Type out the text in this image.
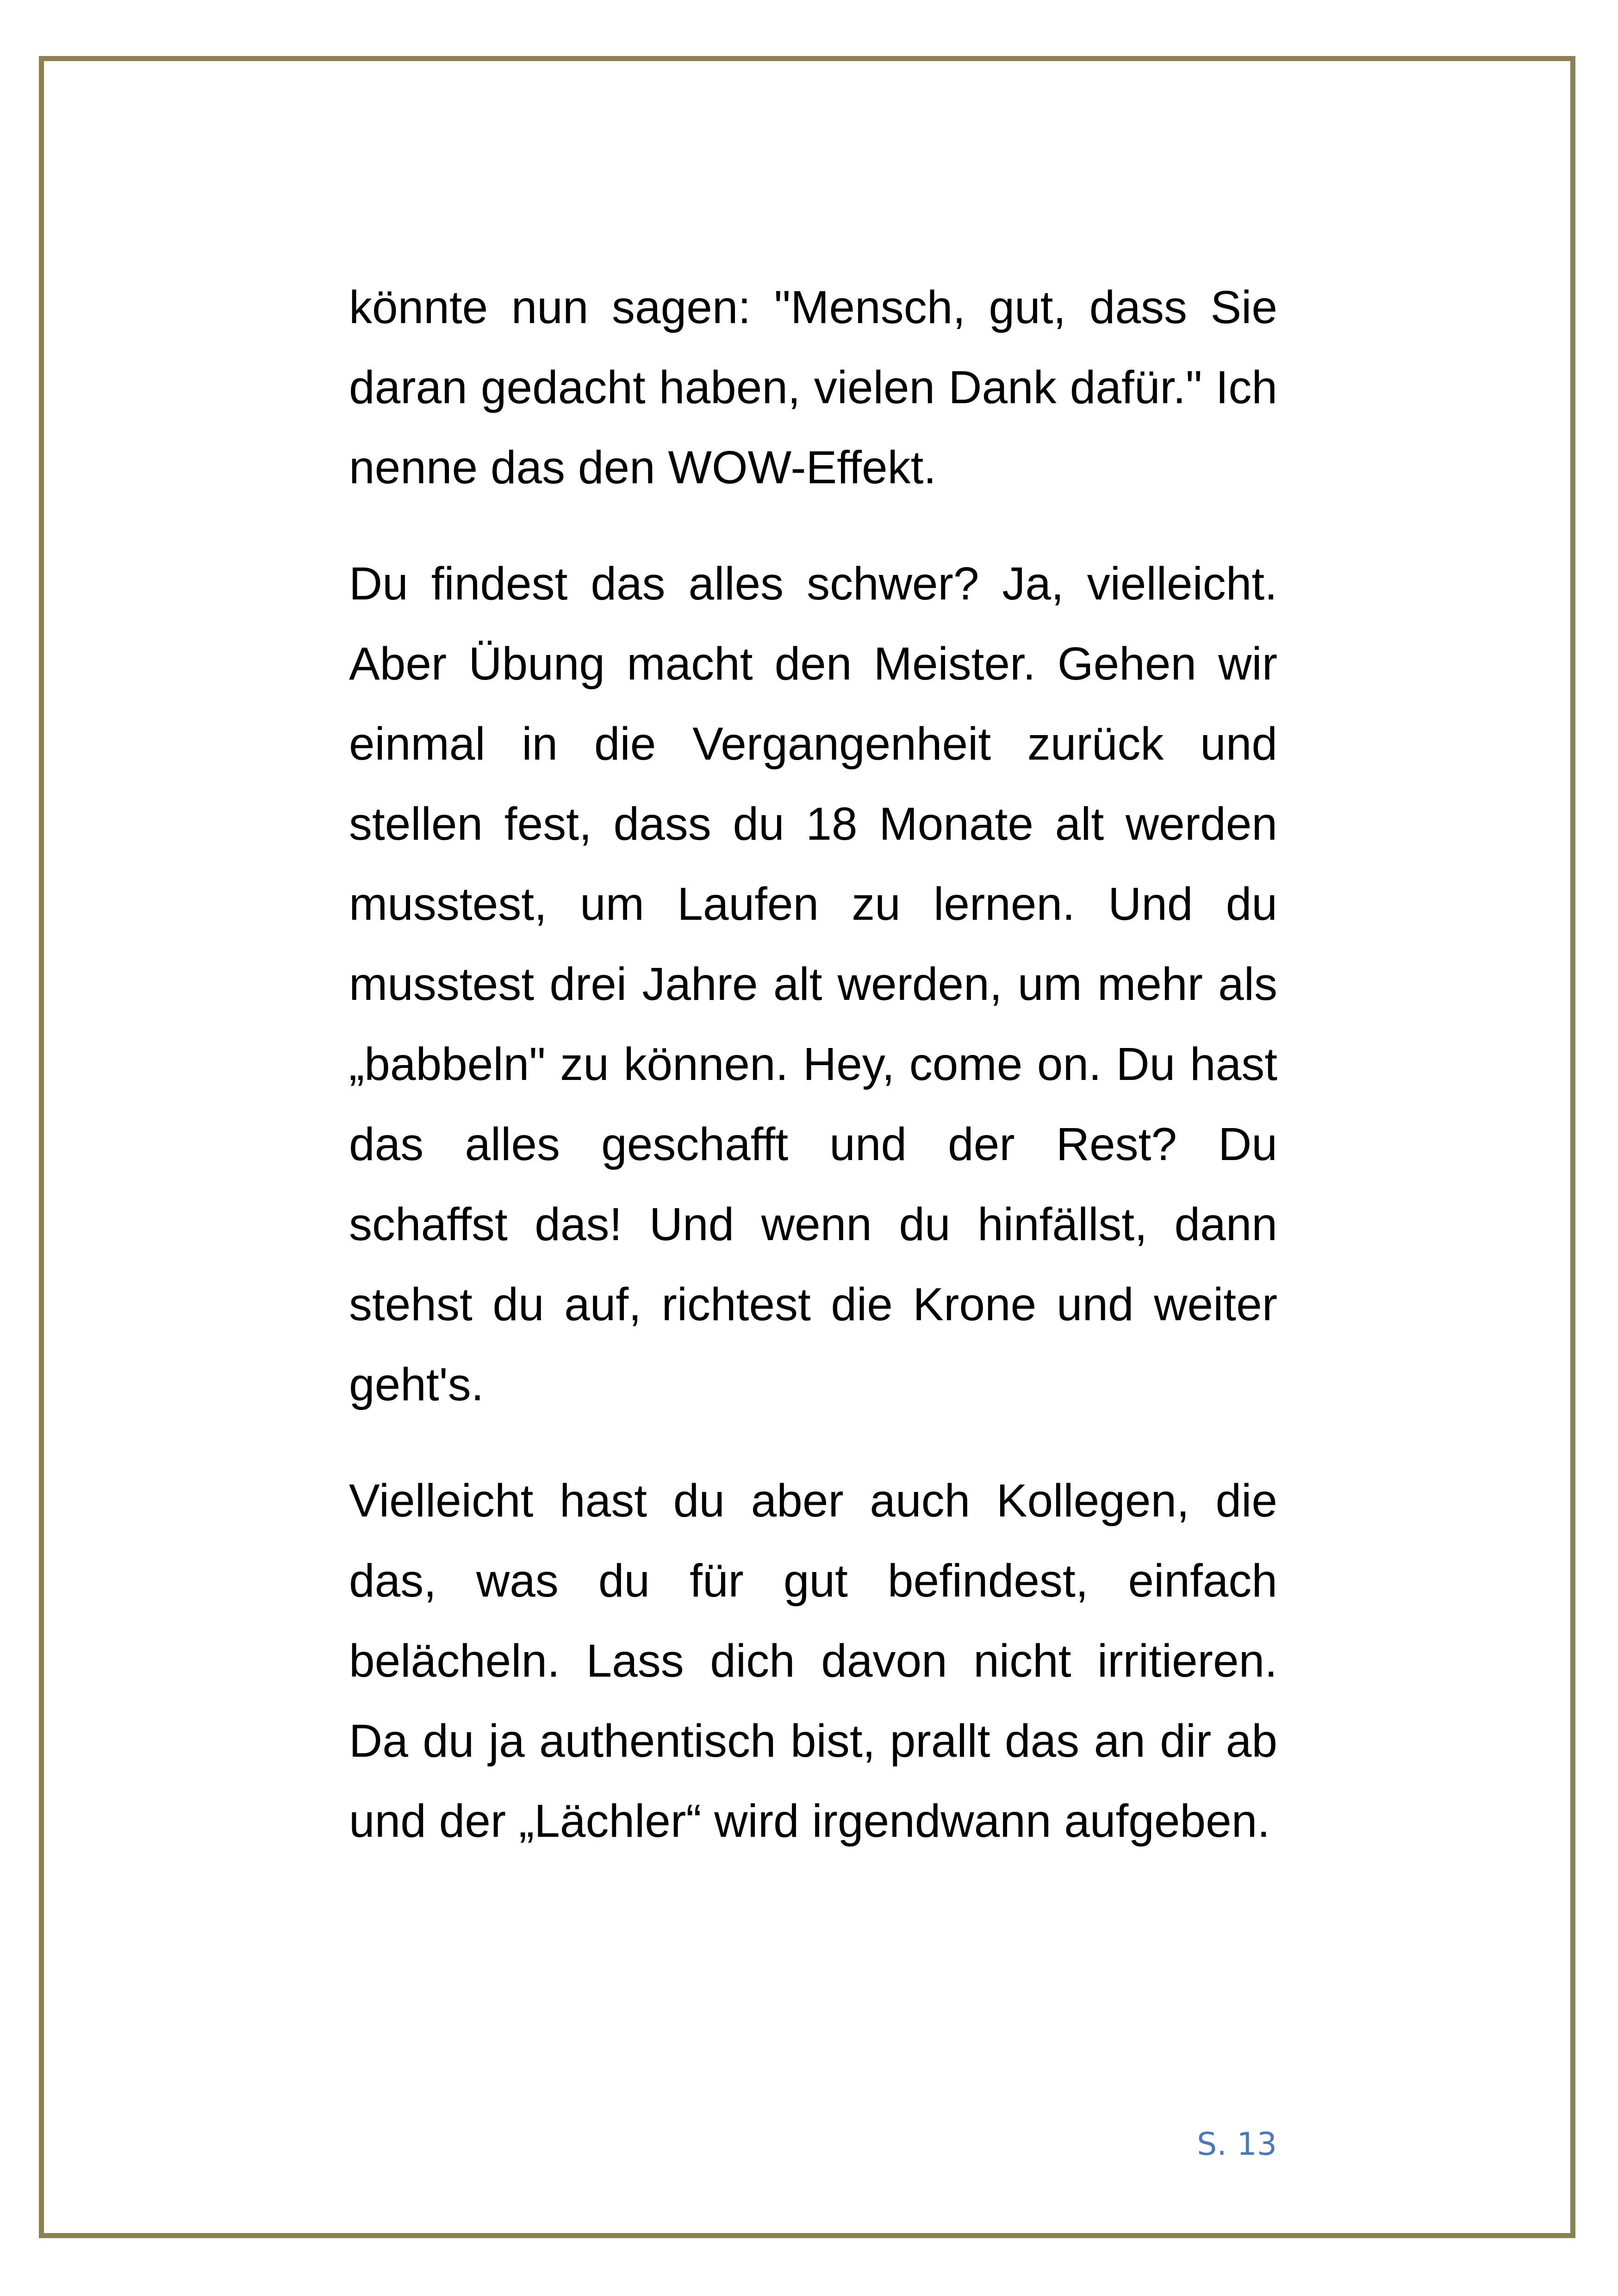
könnte nun sagen: "Mensch, gut, dass Sie daran gedacht haben, vielen Dank dafür." Ich nenne das den WOW-Effekt.

Du findest das alles schwer? Ja, vielleicht. Aber Übung macht den Meister. Gehen wir einmal in die Vergangenheit zurück und stellen fest, dass du 18 Monate alt werden musstest, um Laufen zu lernen. Und du musstest drei Jahre alt werden, um mehr als „babbeln" zu können. Hey, come on. Du hast das alles geschafft und der Rest? Du schaffst das! Und wenn du hinfällst, dann stehst du auf, richtest die Krone und weiter geht's.

Vielleicht hast du aber auch Kollegen, die das, was du für gut befindest, einfach belächeln. Lass dich davon nicht irritieren. Da du ja authentisch bist, prallt das an dir ab und der „Lächler“ wird irgendwann aufgeben.

S. 13
